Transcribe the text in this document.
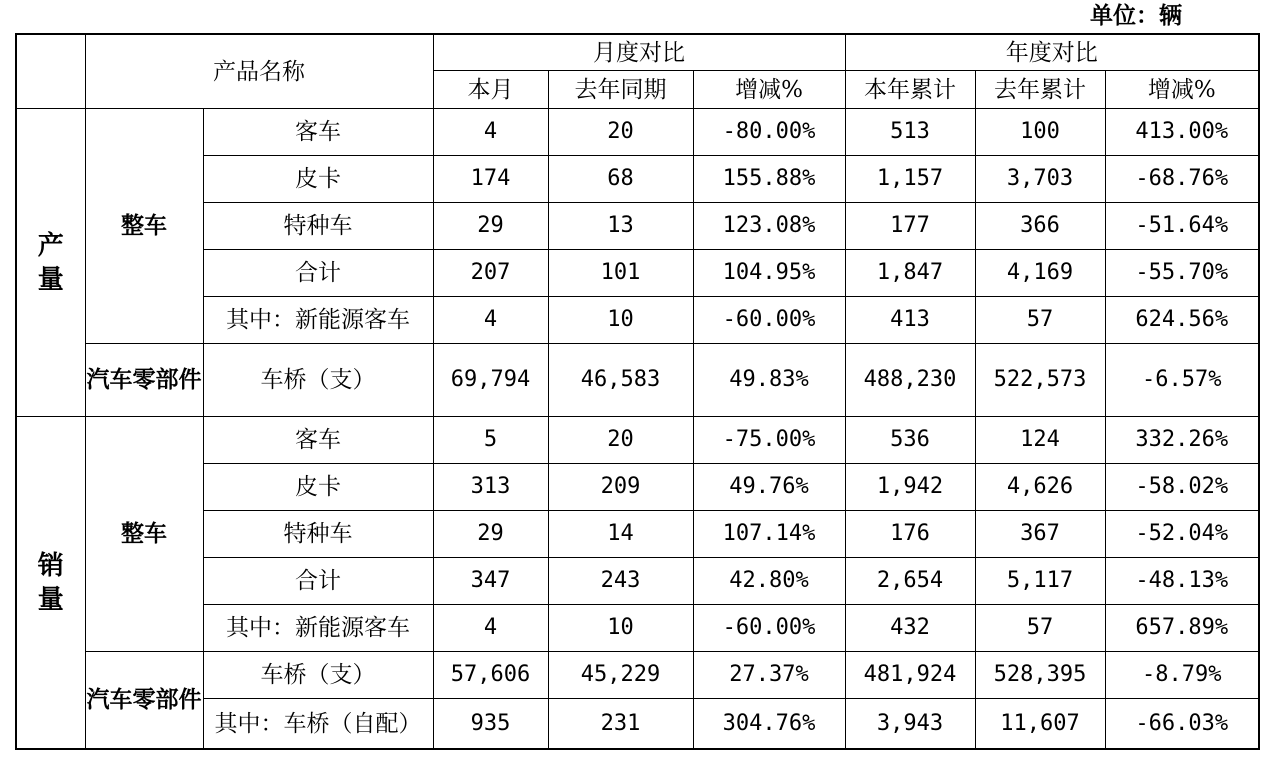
单位：辆
	产品名称		月度对比			年度对比		
			本月	去年同期	增减%	本年累计	去年累计	增减%
产量	整车	客车	4	20	-80.00%	513	100	413.00%
		皮卡	174	68	155.88%	1,157	3,703	-68.76%
		特种车	29	13	123.08%	177	366	-51.64%
		合计	207	101	104.95%	1,847	4,169	-55.70%
		其中：新能源客车	4	10	-60.00%	413	57	624.56%
	汽车零部件	车桥（支）	69,794	46,583	49.83%	488,230	522,573	-6.57%
销量	整车	客车	5	20	-75.00%	536	124	332.26%
		皮卡	313	209	49.76%	1,942	4,626	-58.02%
		特种车	29	14	107.14%	176	367	-52.04%
		合计	347	243	42.80%	2,654	5,117	-48.13%
		其中：新能源客车	4	10	-60.00%	432	57	657.89%
	汽车零部件	车桥（支）	57,606	45,229	27.37%	481,924	528,395	-8.79%
		其中：车桥（自配）	935	231	304.76%	3,943	11,607	-66.03%
